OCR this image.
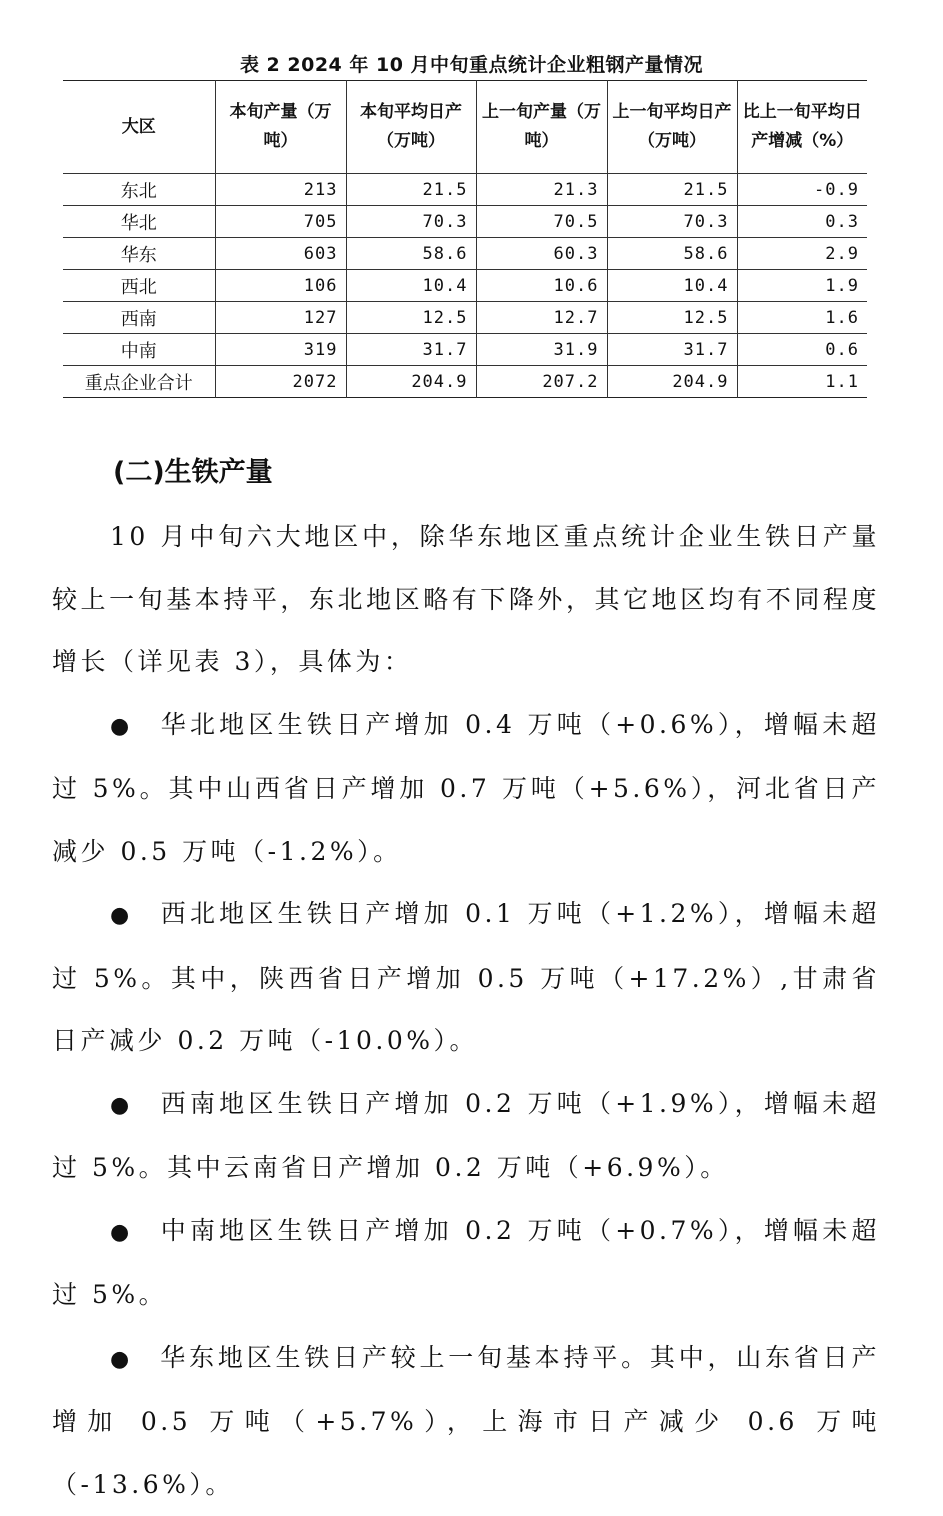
表 2 2024 年 10 月中旬重点统计企业粗钢产量情况
大区	本旬产量（万吨）	本旬平均日产（万吨）	上一旬产量（万吨）	上一旬平均日产（万吨）	比上一旬平均日产增减（%）
东北	213	21.5	21.3	21.5	-0.9
华北	705	70.3	70.5	70.3	0.3
华东	603	58.6	60.3	58.6	2.9
西北	106	10.4	10.6	10.4	1.9
西南	127	12.5	12.7	12.5	1.6
中南	319	31.7	31.9	31.7	0.6
重点企业合计	2072	204.9	207.2	204.9	1.1
(二)生铁产量

10 月中旬六大地区中，除华东地区重点统计企业生铁日产量较上一旬基本持平，东北地区略有下降外，其它地区均有不同程度增长（详见表 3），具体为：

● 华北地区生铁日产增加 0.4 万吨（+0.6%），增幅未超过 5%。其中山西省日产增加 0.7 万吨（+5.6%），河北省日产减少 0.5 万吨（-1.2%）。

● 西北地区生铁日产增加 0.1 万吨（+1.2%），增幅未超过 5%。其中，陕西省日产增加 0.5 万吨（+17.2%）,甘肃省日产减少 0.2 万吨（-10.0%）。

● 西南地区生铁日产增加 0.2 万吨（+1.9%），增幅未超过 5%。其中云南省日产增加 0.2 万吨（+6.9%）。

● 中南地区生铁日产增加 0.2 万吨（+0.7%），增幅未超过 5%。

● 华东地区生铁日产较上一旬基本持平。其中，山东省日产增加 0.5 万吨（+5.7%），上海市日产减少 0.6 万吨（-13.6%）。
